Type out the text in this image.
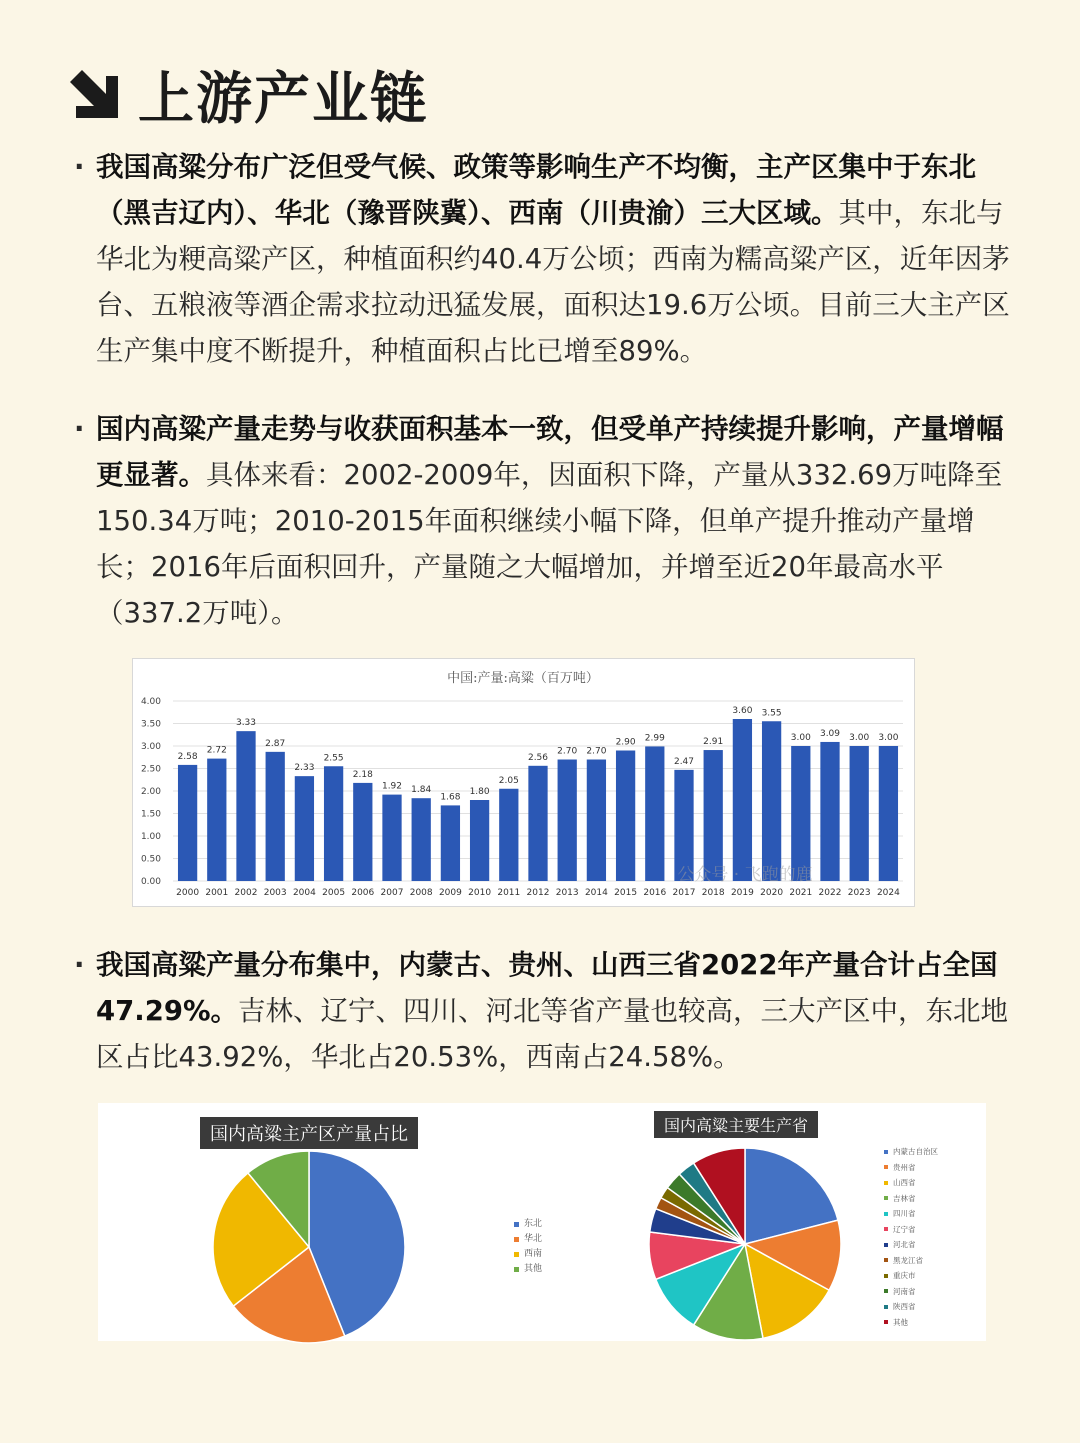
上游产业链
· 我国高粱分布广泛但受气候、政策等影响生产不均衡，主产区集中于东北（黑吉辽内）、华北（豫晋陕冀）、西南（川贵渝）三大区域。其中，东北与华北为粳高粱产区，种植面积约40.4万公顷；西南为糯高粱产区，近年因茅台、五粮液等酒企需求拉动迅猛发展，面积达19.6万公顷。目前三大主产区生产集中度不断提升，种植面积占比已增至89%。
· 国内高粱产量走势与收获面积基本一致，但受单产持续提升影响，产量增幅更显著。具体来看：2002-2009年，因面积下降，产量从332.69万吨降至150.34万吨；2010-2015年面积继续小幅下降，但单产提升推动产量增长；2016年后面积回升，产量随之大幅增加，并增至近20年最高水平（337.2万吨）。
中国:产量:高粱（百万吨）
0.00
0.50
1.00
1.50
2.00
2.50
3.00
3.50
4.00
2.58
2000
2.72
2001
3.33
2002
2.87
2003
2.33
2004
2.55
2005
2.18
2006
1.92
2007
1.84
2008
1.68
2009
1.80
2010
2.05
2011
2.56
2012
2.70
2013
2.70
2014
2.90
2015
2.99
2016
2.47
2017
2.91
2018
3.60
2019
3.55
2020
3.00
2021
3.09
2022
3.00
2023
3.00
2024
公众号 · 飞跑的鹿
· 我国高粱产量分布集中，内蒙古、贵州、山西三省2022年产量合计占全国47.29%。吉林、辽宁、四川、河北等省产量也较高，三大产区中，东北地区占比43.92%，华北占20.53%，西南占24.58%。
国内高粱主产区产量占比
东北
华北
西南
其他
国内高粱主要生产省
内蒙古自治区
贵州省
山西省
吉林省
四川省
辽宁省
河北省
黑龙江省
重庆市
河南省
陕西省
其他
